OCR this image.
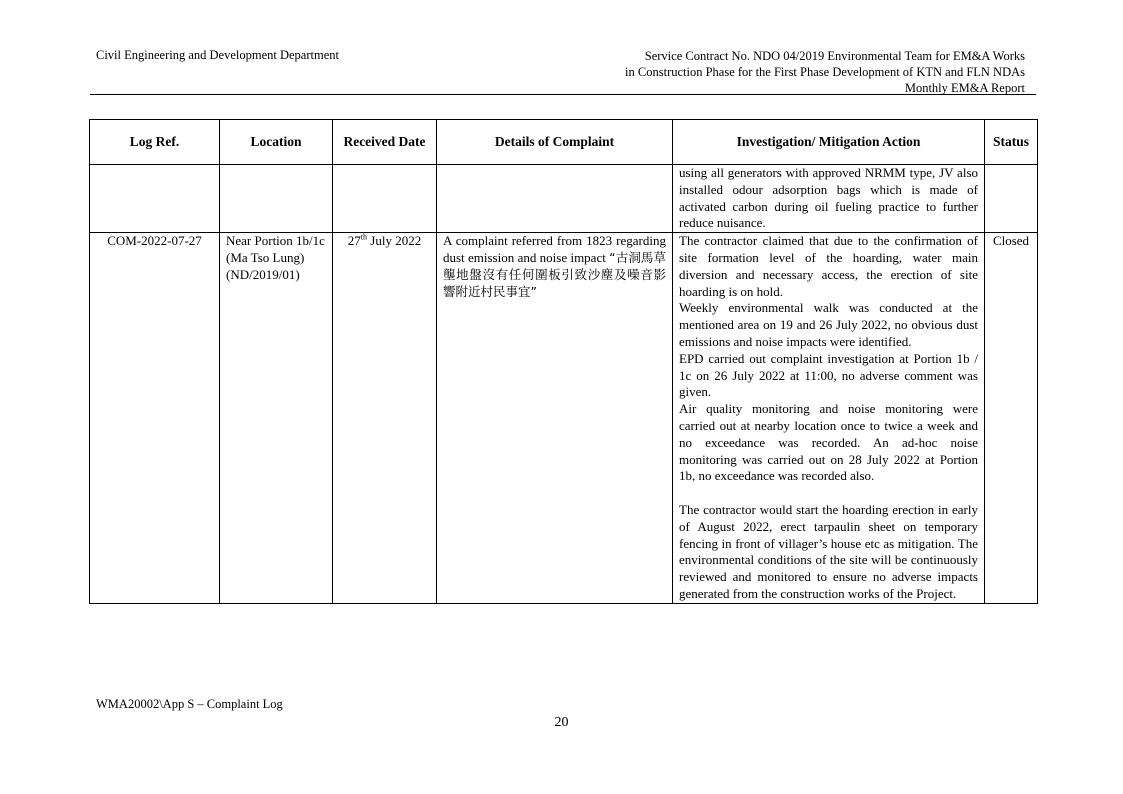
Civil Engineering and Development Department	Service Contract No. NDO 04/2019 Environmental Team for EM&A Works
in Construction Phase for the First Phase Development of KTN and FLN NDAs
Monthly EM&A Report
Log Ref.	Location	Received Date	Details of Complaint	Investigation/ Mitigation Action	Status
				using all generators with approved NRMM type, JV also installed odour adsorption bags which is made of activated carbon during oil fueling practice to further reduce nuisance.	
COM-2022-07-27	Near Portion 1b/1c (Ma Tso Lung) (ND/2019/01)	27th July 2022	A complaint referred from 1823 regarding dust emission and noise impact “古洞馬草壟地盤沒有任何圍板引致沙塵及噪音影響附近村民事宜”	The contractor claimed that due to the confirmation of site formation level of the hoarding, water main diversion and necessary access, the erection of site hoarding is on hold.
Weekly environmental walk was conducted at the mentioned area on 19 and 26 July 2022, no obvious dust emissions and noise impacts were identified.
EPD carried out complaint investigation at Portion 1b / 1c on 26 July 2022 at 11:00, no adverse comment was given.
Air quality monitoring and noise monitoring were carried out at nearby location once to twice a week and no exceedance was recorded. An ad-hoc noise monitoring was carried out on 28 July 2022 at Portion 1b, no exceedance was recorded also.
The contractor would start the hoarding erection in early of August 2022, erect tarpaulin sheet on temporary fencing in front of villager’s house etc as mitigation. The environmental conditions of the site will be continuously reviewed and monitored to ensure no adverse impacts generated from the construction works of the Project.	Closed
WMA20002\App S – Complaint Log
20
